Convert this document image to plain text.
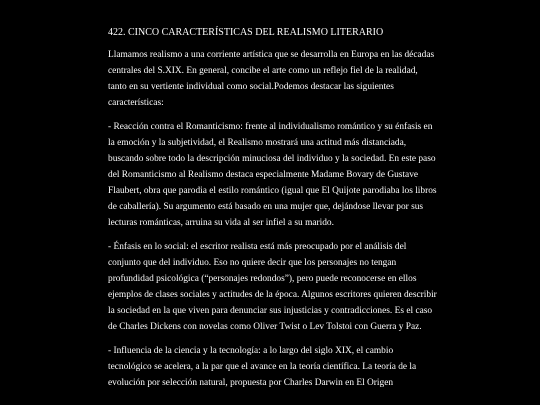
422. CINCO CARACTERÍSTICAS DEL REALISMO LITERARIO

Llamamos realismo a una corriente artística que se desarrolla en Europa en las décadas centrales del S.XIX. En general, concibe el arte como un reflejo fiel de la realidad, tanto en su vertiente individual como social.Podemos destacar las siguientes características:

- Reacción contra el Romanticismo: frente al individualismo romántico y su énfasis en la emoción y la subjetividad, el Realismo mostrará una actitud más distanciada, buscando sobre todo la descripción minuciosa del individuo y la sociedad. En este paso del Romanticismo al Realismo destaca especialmente Madame Bovary de Gustave Flaubert, obra que parodia el estilo romántico (igual que El Quijote parodiaba los libros de caballería). Su argumento está basado en una mujer que, dejándose llevar por sus lecturas románticas, arruina su vida al ser infiel a su marido.

- Énfasis en lo social: el escritor realista está más preocupado por el análisis del conjunto que del individuo. Eso no quiere decir que los personajes no tengan profundidad psicológica (“personajes redondos”), pero puede reconocerse en ellos ejemplos de clases sociales y actitudes de la época. Algunos escritores quieren describir la sociedad en la que viven para denunciar sus injusticias y contradicciones. Es el caso de Charles Dickens con novelas como Oliver Twist o Lev Tolstoi con Guerra y Paz.

- Influencia de la ciencia y la tecnología: a lo largo del siglo XIX, el cambio tecnológico se acelera, a la par que el avance en la teoría científica. La teoría de la evolución por selección natural, propuesta por Charles Darwin en El Origen
